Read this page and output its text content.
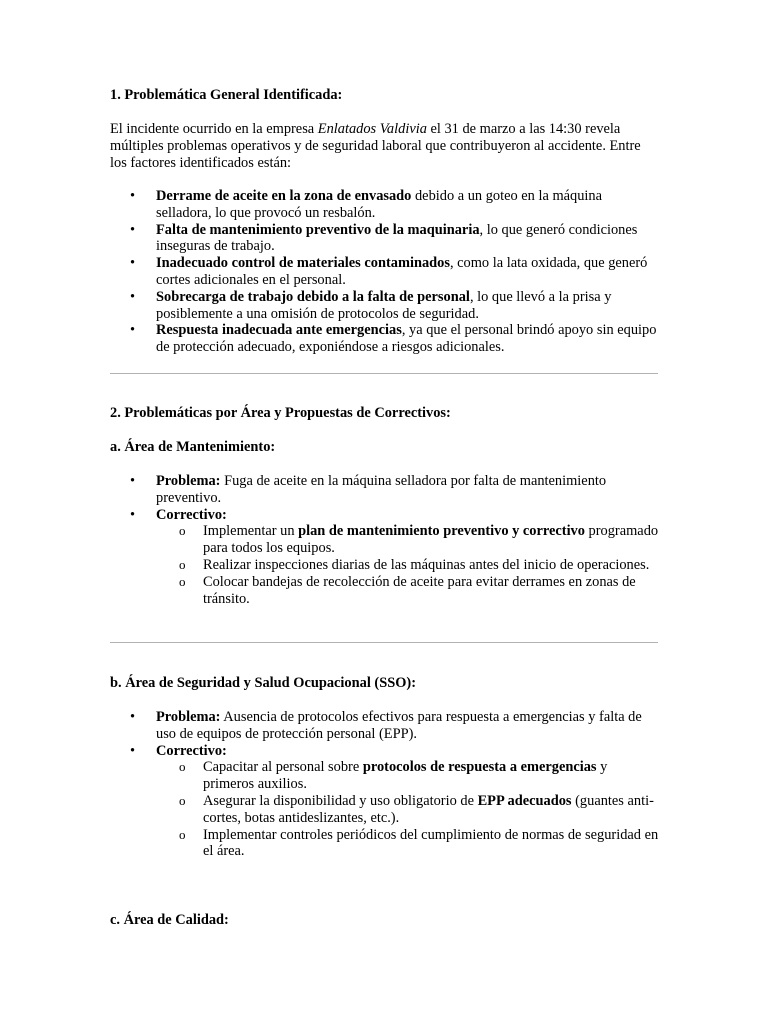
1. Problemática General Identificada:

El incidente ocurrido en la empresa Enlatados Valdivia el 31 de marzo a las 14:30 revela múltiples problemas operativos y de seguridad laboral que contribuyeron al accidente. Entre los factores identificados están:

• Derrame de aceite en la zona de envasado debido a un goteo en la máquina selladora, lo que provocó un resbalón.
• Falta de mantenimiento preventivo de la maquinaria, lo que generó condiciones inseguras de trabajo.
• Inadecuado control de materiales contaminados, como la lata oxidada, que generó cortes adicionales en el personal.
• Sobrecarga de trabajo debido a la falta de personal, lo que llevó a la prisa y posiblemente a una omisión de protocolos de seguridad.
• Respuesta inadecuada ante emergencias, ya que el personal brindó apoyo sin equipo de protección adecuado, exponiéndose a riesgos adicionales.

2. Problemáticas por Área y Propuestas de Correctivos:

a. Área de Mantenimiento:

• Problema: Fuga de aceite en la máquina selladora por falta de mantenimiento preventivo.
• Correctivo:
o Implementar un plan de mantenimiento preventivo y correctivo programado para todos los equipos.
o Realizar inspecciones diarias de las máquinas antes del inicio de operaciones.
o Colocar bandejas de recolección de aceite para evitar derrames en zonas de tránsito.

b. Área de Seguridad y Salud Ocupacional (SSO):

• Problema: Ausencia de protocolos efectivos para respuesta a emergencias y falta de uso de equipos de protección personal (EPP).
• Correctivo:
o Capacitar al personal sobre protocolos de respuesta a emergencias y primeros auxilios.
o Asegurar la disponibilidad y uso obligatorio de EPP adecuados (guantes anti-cortes, botas antideslizantes, etc.).
o Implementar controles periódicos del cumplimiento de normas de seguridad en el área.

c. Área de Calidad:
